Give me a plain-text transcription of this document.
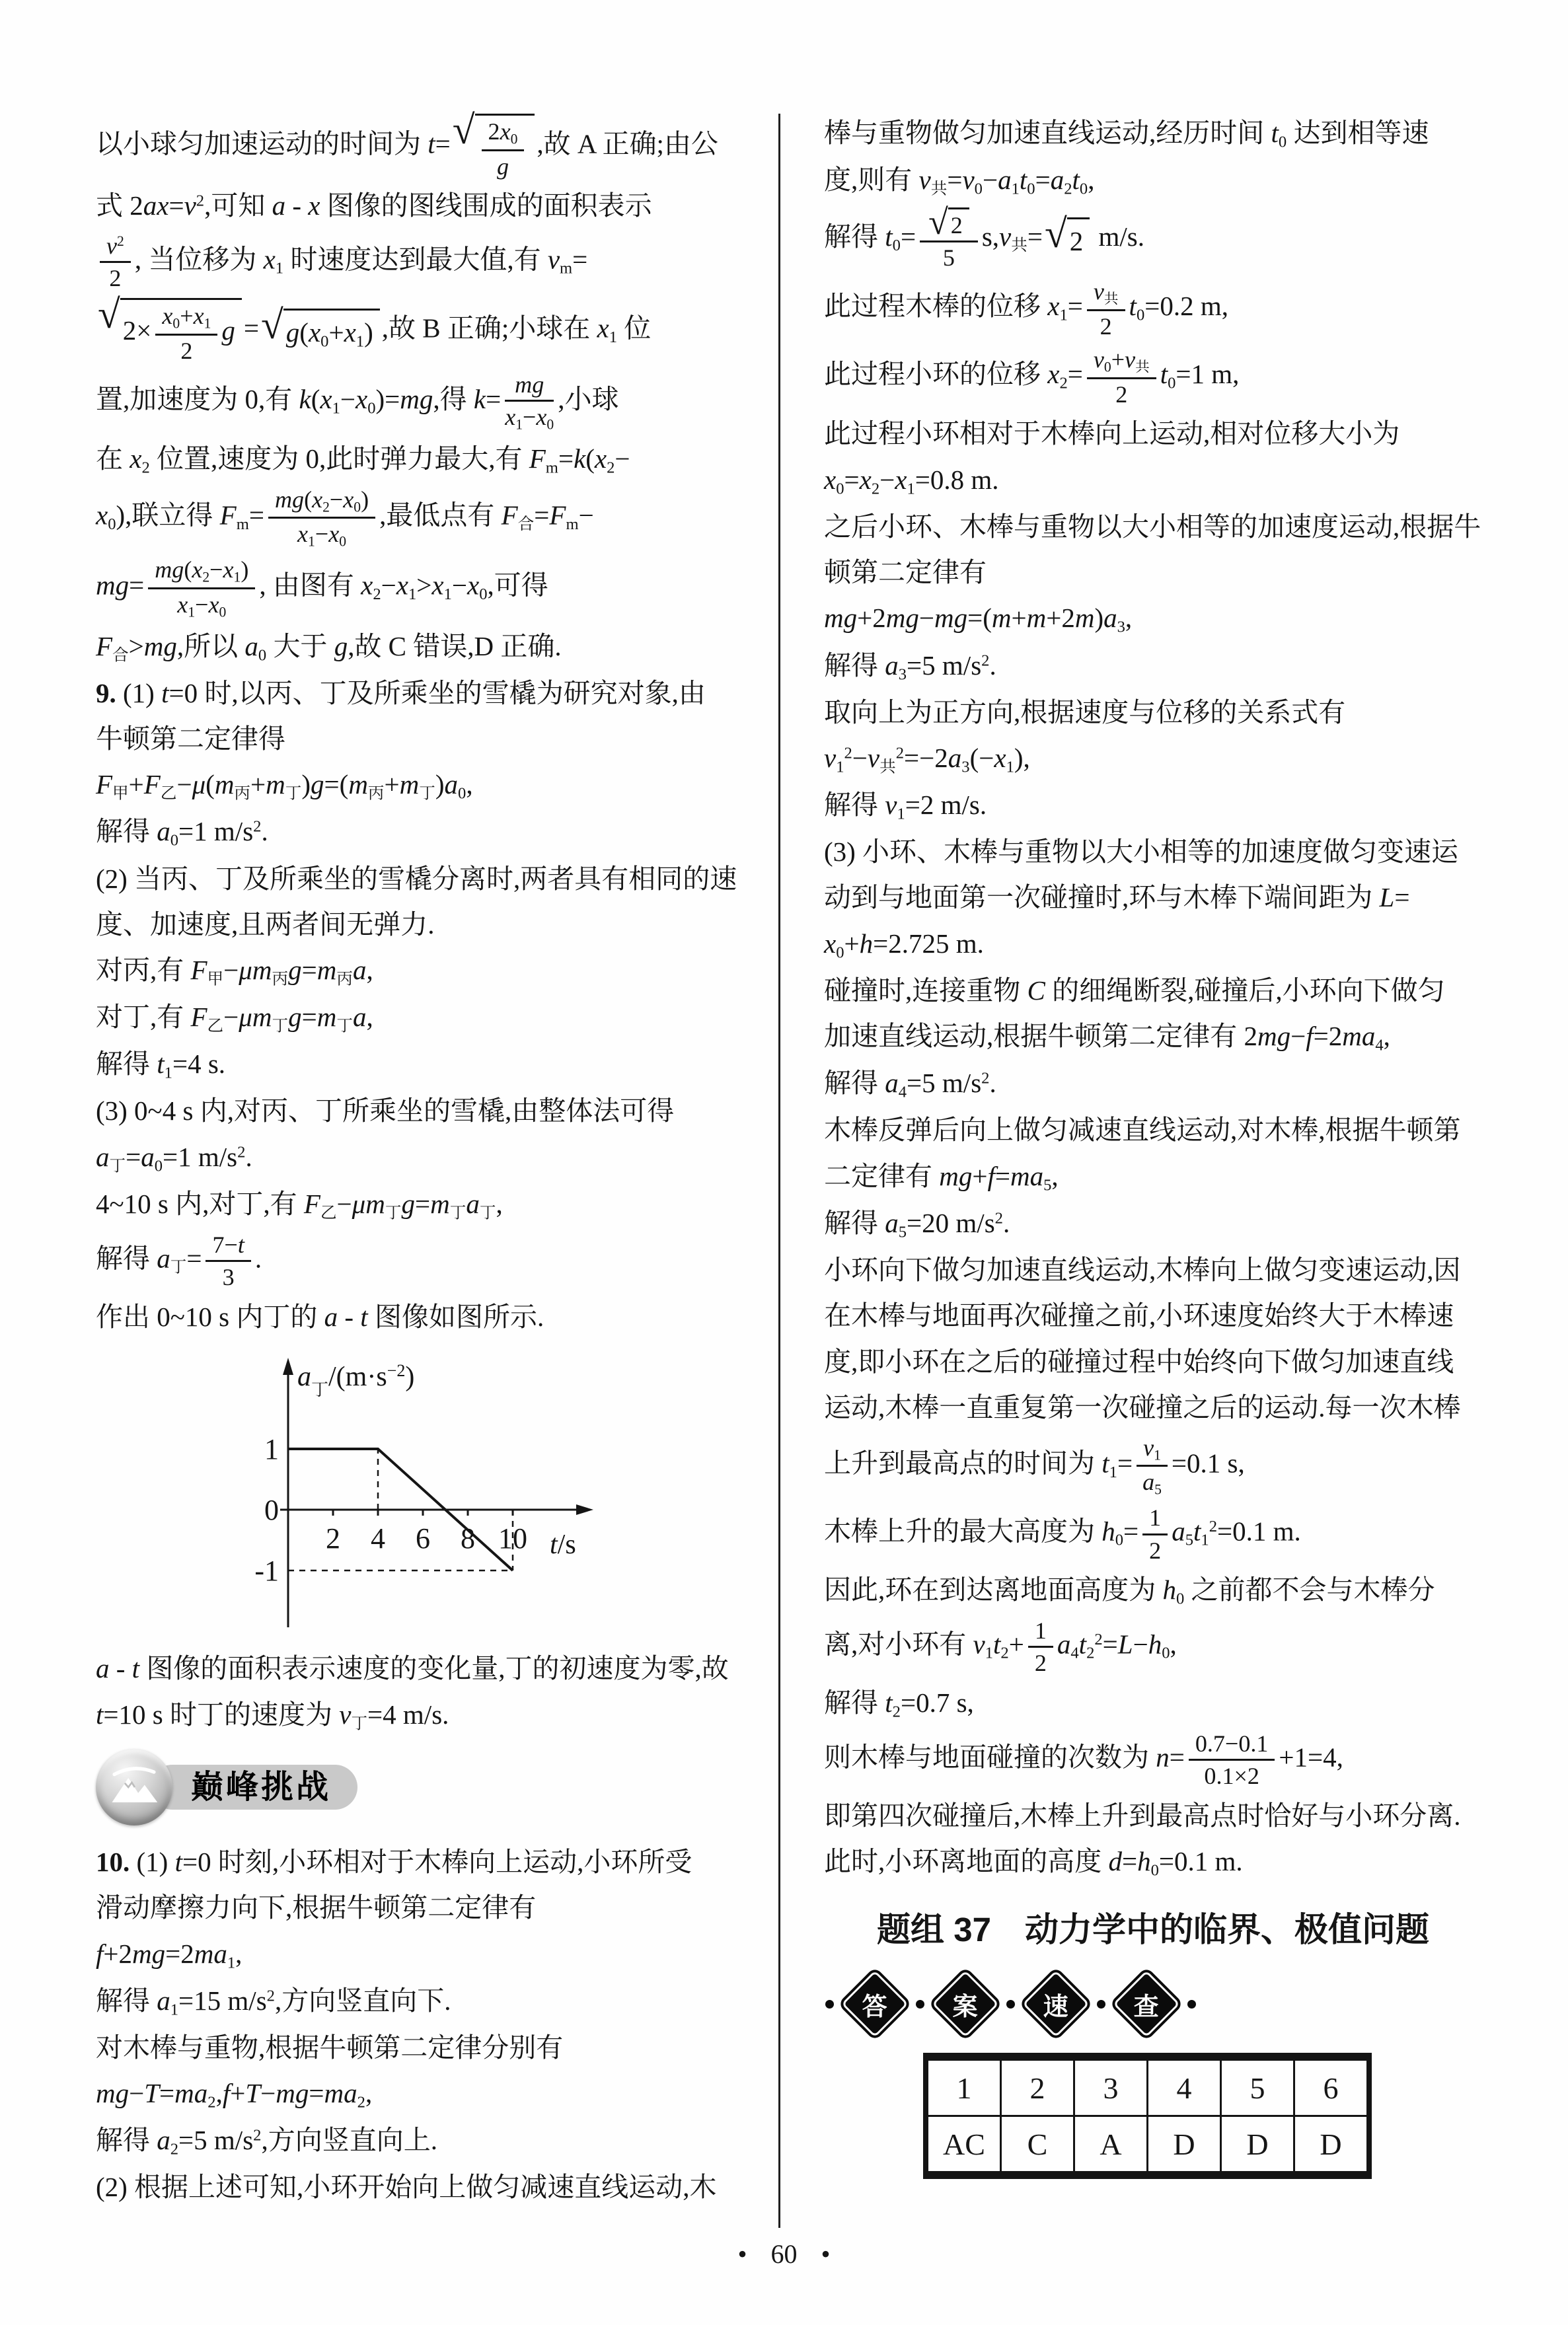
以小球匀加速运动的时间为 t= √ $\frac{2x_0}{g}$ ,故 A 正确;由公
式 $2ax=v^2$,可知 a - x 图像的图线围成的面积表示
$\frac{v^2}{2}$ , 当位移为 $x_1$ 时速度达到最大值,有 $v_m=$
√ $2\times \frac{x_0+x_1}{2}$ g = √ $g(x_0+x_1)$ ,故 B 正确;小球在 $x_1$ 位
置,加速度为 0,有 $k(x_1-x_0)=mg$,得 $k= \frac{mg}{x_1-x_0}$ ,小球
在 $x_2$ 位置,速度为 0,此时弹力最大,有 $F_m=k(x_2-$
$x_0$),联立得 $F_m= \frac{mg(x_2-x_0)}{x_1-x_0}$ ,最低点有 $F_合=F_m-$
$mg= \frac{mg(x_2-x_1)}{x_1-x_0}$ , 由图有 $x_2-x_1>x_1-x_0$,可得
$F_合>mg$,所以 $a_0$ 大于 g,故 C 错误,D 正确.
9. (1) t=0 时,以丙、丁及所乘坐的雪橇为研究对象,由
牛顿第二定律得
$F_甲+F_乙-\mu(m_丙+m_丁)g=(m_丙+m_丁)a_0$,
解得 $a_0=1$ $m/s^2$.
(2) 当丙、丁及所乘坐的雪橇分离时,两者具有相同的速
度、加速度,且两者间无弹力.
对丙,有 $F_甲-\mu m_丙g=m_丙a$,
对丁,有 $F_乙-\mu m_丁g=m_丁a$,
解得 $t_1=4$ s.
(3) 0~4 s 内,对丙、丁所乘坐的雪橇,由整体法可得
$a_丁=a_0=1$ $m/s^2$.
4~10 s 内,对丁,有 $F_乙-\mu m_丁g=m_丁a_丁$,
解得 $a_丁= \frac{7-t}{3}$ .
作出 0~10 s 内丁的 a - t 图像如图所示.
2 4 6 8 10
1
0
-1
$a_丁/(m\cdot s^{-2})$
t/s
a - t 图像的面积表示速度的变化量,丁的初速度为零,故
t=10 s 时丁的速度为 $v_丁=4$ m/s.
巅峰挑战
10. (1) t=0 时刻,小环相对于木棒向上运动,小环所受
滑动摩擦力向下,根据牛顿第二定律有
$f+2mg=2ma_1$,
解得 $a_1=15$ $m/s^2$,方向竖直向下.
对木棒与重物,根据牛顿第二定律分别有
$mg-T=ma_2,f+T-mg=ma_2$,
解得 $a_2=5$ $m/s^2$,方向竖直向上.
(2) 根据上述可知,小环开始向上做匀减速直线运动,木
棒与重物做匀加速直线运动,经历时间 $t_0$ 达到相等速
度,则有 $v_共=v_0-a_1t_0=a_2t_0$,
解得 $t_0= \frac{√ 2}{5} s,v_共=$ √ 2 m/s.
此过程木棒的位移 $x_1= v_共$
2
$t_0=0.2$ m,
此过程小环的位移 $x_2= v_0+v_共$
2
$t_0=1$ m,
此过程小环相对于木棒向上运动,相对位移大小为
$x_0=x_2-x_1=0.8$ m.
之后小环、木棒与重物以大小相等的加速度运动,根据牛
顿第二定律有
$mg+2mg-mg=(m+m+2m)a_3$,
解得 $a_3=5$ $m/s^2$.
取向上为正方向,根据速度与位移的关系式有
$v_1^2-v_共^2=-2a_3(-x_1)$,
解得 $v_1=2$ m/s.
(3) 小环、木棒与重物以大小相等的加速度做匀变速运
动到与地面第一次碰撞时,环与木棒下端间距为 L=
$x_0+h=2.725$ m.
碰撞时,连接重物 C 的细绳断裂,碰撞后,小环向下做匀
加速直线运动,根据牛顿第二定律有 $2mg-f=2ma_4$,
解得 $a_4=5$ $m/s^2$.
木棒反弹后向上做匀减速直线运动,对木棒,根据牛顿第
二定律有 $mg+f=ma_5$,
解得 $a_5=20$ $m/s^2$.
小环向下做匀加速直线运动,木棒向上做匀变速运动,因
在木棒与地面再次碰撞之前,小环速度始终大于木棒速
度,即小环在之后的碰撞过程中始终向下做匀加速直线
运动,木棒一直重复第一次碰撞之后的运动.每一次木棒
上升到最高点的时间为 $t_1= \frac{v_1}{a_5} =0.1$ s,
木棒上升的最大高度为 $h_0= \frac{1}{2} a_5t_1^2=0.1$ m.
因此,环在到达离地面高度为 $h_0$ 之前都不会与木棒分
离,对小环有 $v_1t_2+ \frac{1}{2} a_4t_2^2=L-h_0$,
解得 $t_2=0.7$ s,
则木棒与地面碰撞的次数为 $n= \frac{0.7-0.1}{0.1\times 2} +1=4$,
即第四次碰撞后,木棒上升到最高点时恰好与小环分离.
此时,小环离地面的高度 $d=h_0=0.1$ m.
题组 37　动力学中的临界、极值问题
答	案	速	查
1	2	3	4	5	6
AC	C	A	D	D	D
• 60 •
